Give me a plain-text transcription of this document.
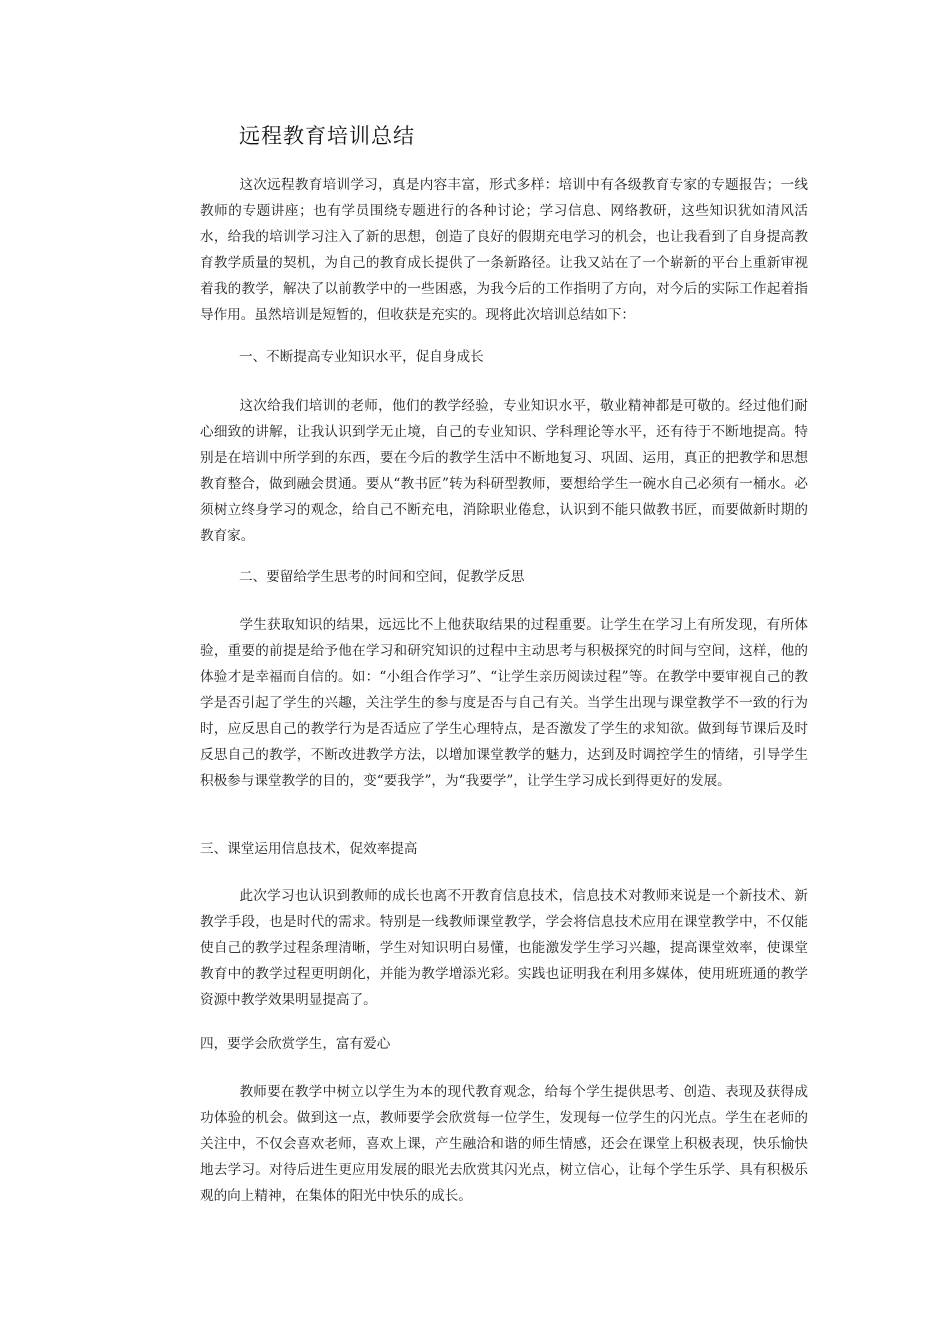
远程教育培训总结

这次远程教育培训学习，真是内容丰富，形式多样：培训中有各级教育专家的专题报告；一线教师的专题讲座；也有学员围绕专题进行的各种讨论；学习信息、网络教研，这些知识犹如清风活水，给我的培训学习注入了新的思想，创造了良好的假期充电学习的机会，也让我看到了自身提高教育教学质量的契机，为自己的教育成长提供了一条新路径。让我又站在了一个崭新的平台上重新审视着我的教学，解决了以前教学中的一些困惑，为我今后的工作指明了方向，对今后的实际工作起着指导作用。虽然培训是短暂的，但收获是充实的。现将此次培训总结如下：

一、不断提高专业知识水平，促自身成长

这次给我们培训的老师，他们的教学经验，专业知识水平，敬业精神都是可敬的。经过他们耐心细致的讲解，让我认识到学无止境，自己的专业知识、学科理论等水平，还有待于不断地提高。特别是在培训中所学到的东西，要在今后的教学生活中不断地复习、巩固、运用，真正的把教学和思想教育整合，做到融会贯通。要从“教书匠”转为科研型教师，要想给学生一碗水自己必须有一桶水。必须树立终身学习的观念，给自己不断充电，消除职业倦怠，认识到不能只做教书匠，而要做新时期的教育家。

二、要留给学生思考的时间和空间，促教学反思

学生获取知识的结果，远远比不上他获取结果的过程重要。让学生在学习上有所发现，有所体验，重要的前提是给予他在学习和研究知识的过程中主动思考与积极探究的时间与空间，这样，他的体验才是幸福而自信的。如：“小组合作学习”、“让学生亲历阅读过程”等。在教学中要审视自己的教学是否引起了学生的兴趣，关注学生的参与度是否与自己有关。当学生出现与课堂教学不一致的行为时，应反思自己的教学行为是否适应了学生心理特点，是否激发了学生的求知欲。做到每节课后及时反思自己的教学，不断改进教学方法，以增加课堂教学的魅力，达到及时调控学生的情绪，引导学生积极参与课堂教学的目的，变“要我学”，为“我要学”，让学生学习成长到得更好的发展。

三、课堂运用信息技术，促效率提高

此次学习也认识到教师的成长也离不开教育信息技术，信息技术对教师来说是一个新技术、新教学手段，也是时代的需求。特别是一线教师课堂教学，学会将信息技术应用在课堂教学中，不仅能使自己的教学过程条理清晰，学生对知识明白易懂，也能激发学生学习兴趣，提高课堂效率，使课堂教育中的教学过程更明朗化，并能为教学增添光彩。实践也证明我在利用多媒体，使用班班通的教学资源中教学效果明显提高了。

四，要学会欣赏学生，富有爱心

教师要在教学中树立以学生为本的现代教育观念，给每个学生提供思考、创造、表现及获得成功体验的机会。做到这一点，教师要学会欣赏每一位学生，发现每一位学生的闪光点。学生在老师的关注中，不仅会喜欢老师，喜欢上课，产生融洽和谐的师生情感，还会在课堂上积极表现，快乐愉快地去学习。对待后进生更应用发展的眼光去欣赏其闪光点，树立信心，让每个学生乐学、具有积极乐观的向上精神，在集体的阳光中快乐的成长。
